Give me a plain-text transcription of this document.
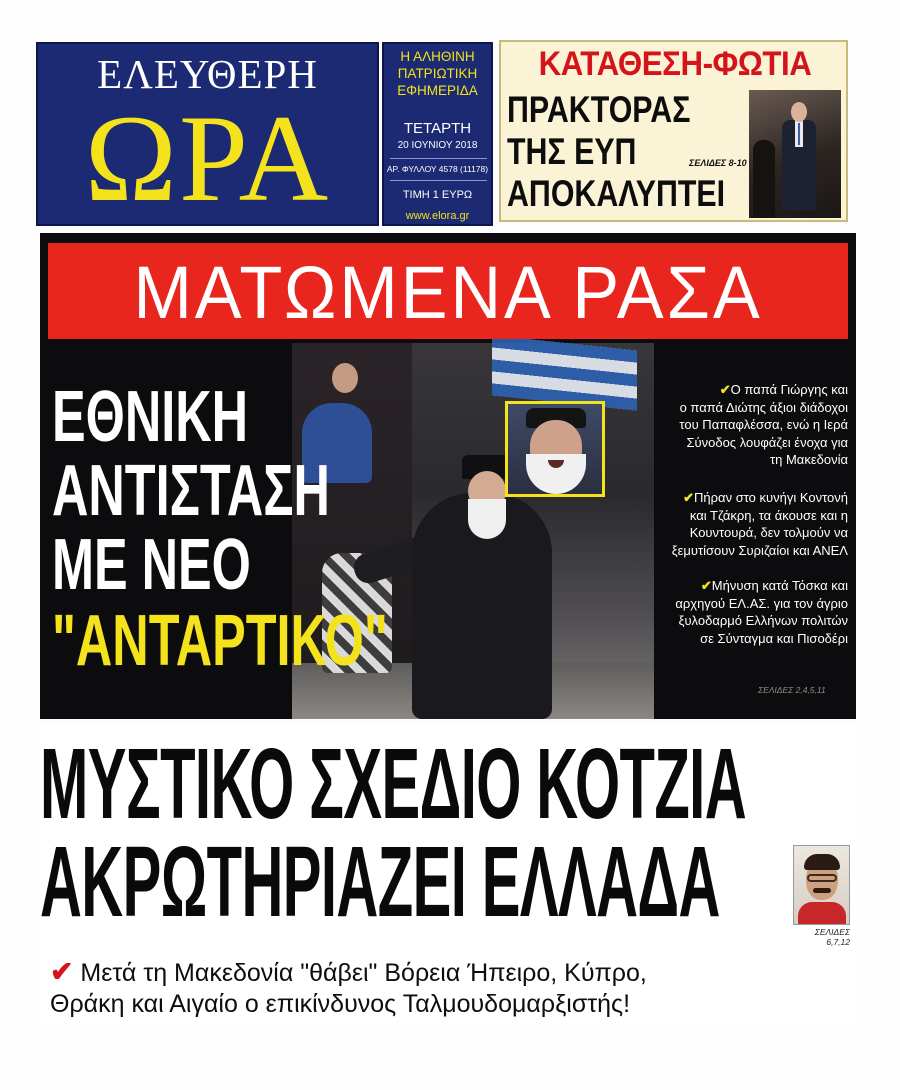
ΕΛΕΥΘΕΡΗ
ΩΡΑ
Η ΑΛΗΘΙΝΗ
ΠΑΤΡΙΩΤΙΚΗ
ΕΦΗΜΕΡΙΔΑ
ΤΕΤΑΡΤΗ
20 ΙΟΥΝΙΟΥ 2018
ΑΡ. ΦΥΛΛΟΥ 4578 (11178)
ΤΙΜΗ 1 ΕΥΡΩ
www.elora.gr
ΚΑΤΑΘΕΣΗ-ΦΩΤΙΑ
ΠΡΑΚΤΟΡΑΣ
ΤΗΣ ΕΥΠ
ΑΠΟΚΑΛΥΠΤΕΙ
ΣΕΛΙΔΕΣ 8-10
ΜΑΤΩΜΕΝΑ ΡΑΣΑ
ΕΘΝΙΚΗ
ΑΝΤΙΣΤΑΣΗ
ΜΕ ΝΕΟ
"ΑΝΤΑΡΤΙΚΟ"
✔Ο παπά Γιώργης και
ο παπά Διώτης άξιοι διάδοχοι
του Παπαφλέσσα, ενώ η Ιερά
Σύνοδος λουφάζει ένοχα για
τη Μακεδονία
✔Πήραν στο κυνήγι Κοντονή
και Τζάκρη, τα άκουσε και η
Κουντουρά, δεν τολμούν να
ξεμυτίσουν Συριζαίοι και ΑΝΕΛ
✔Μήνυση κατά Τόσκα και
αρχηγού ΕΛ.ΑΣ. για τον άγριο
ξυλοδαρμό Ελλήνων πολιτών
σε Σύνταγμα και Πισοδέρι
ΣΕΛΙΔΕΣ 2,4,5,11
ΜΥΣΤΙΚΟ ΣΧΕΔΙΟ ΚΟΤΖΙΑ
ΑΚΡΩΤΗΡΙΑΖΕΙ ΕΛΛΑΔΑ	ΣΕΛΙΔΕΣ
6,7,12
✔ Μετά τη Μακεδονία "θάβει" Βόρεια Ήπειρο, Κύπρο,
Θράκη και Αιγαίο ο επικίνδυνος Ταλμουδομαρξιστής!
